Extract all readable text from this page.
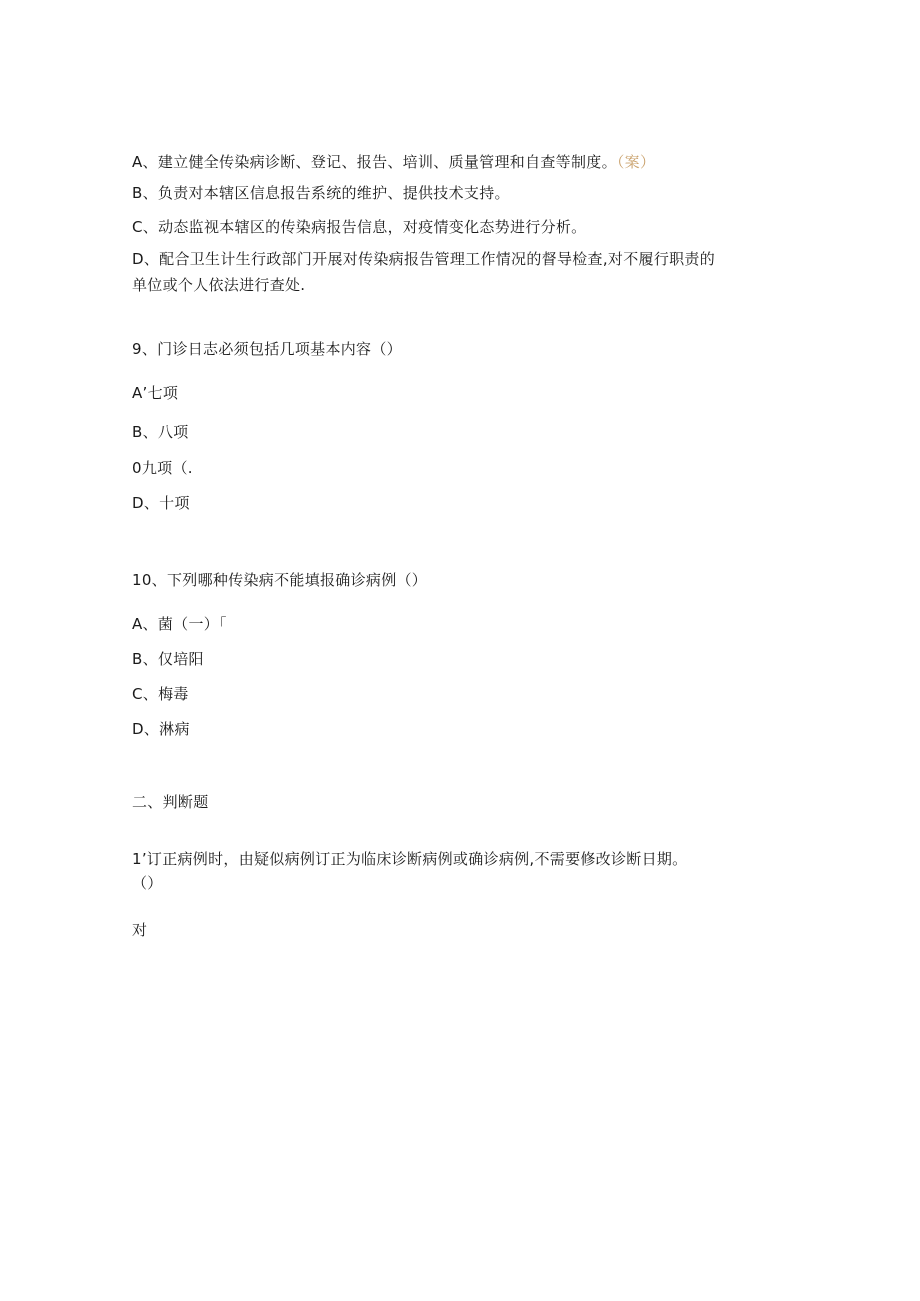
A、建立健全传染病诊断、登记、报告、培训、质量管理和自查等制度。（案）
B、负责对本辖区信息报告系统的维护、提供技术支持。
C、动态监视本辖区的传染病报告信息，对疫情变化态势进行分析。
D、配合卫生计生行政部门开展对传染病报告管理工作情况的督导检查,对不履行职责的
单位或个人依法进行查处.
9、门诊日志必须包括几项基本内容（）
A’七项
B、八项
0九项（.
D、十项
10、下列哪种传染病不能填报确诊病例（）
A、菌（一）「
B、仅培阳
C、梅毒
D、淋病
二、判断题
1’订正病例时，由疑似病例订正为临床诊断病例或确诊病例,不需要修改诊断日期。
（）
对
